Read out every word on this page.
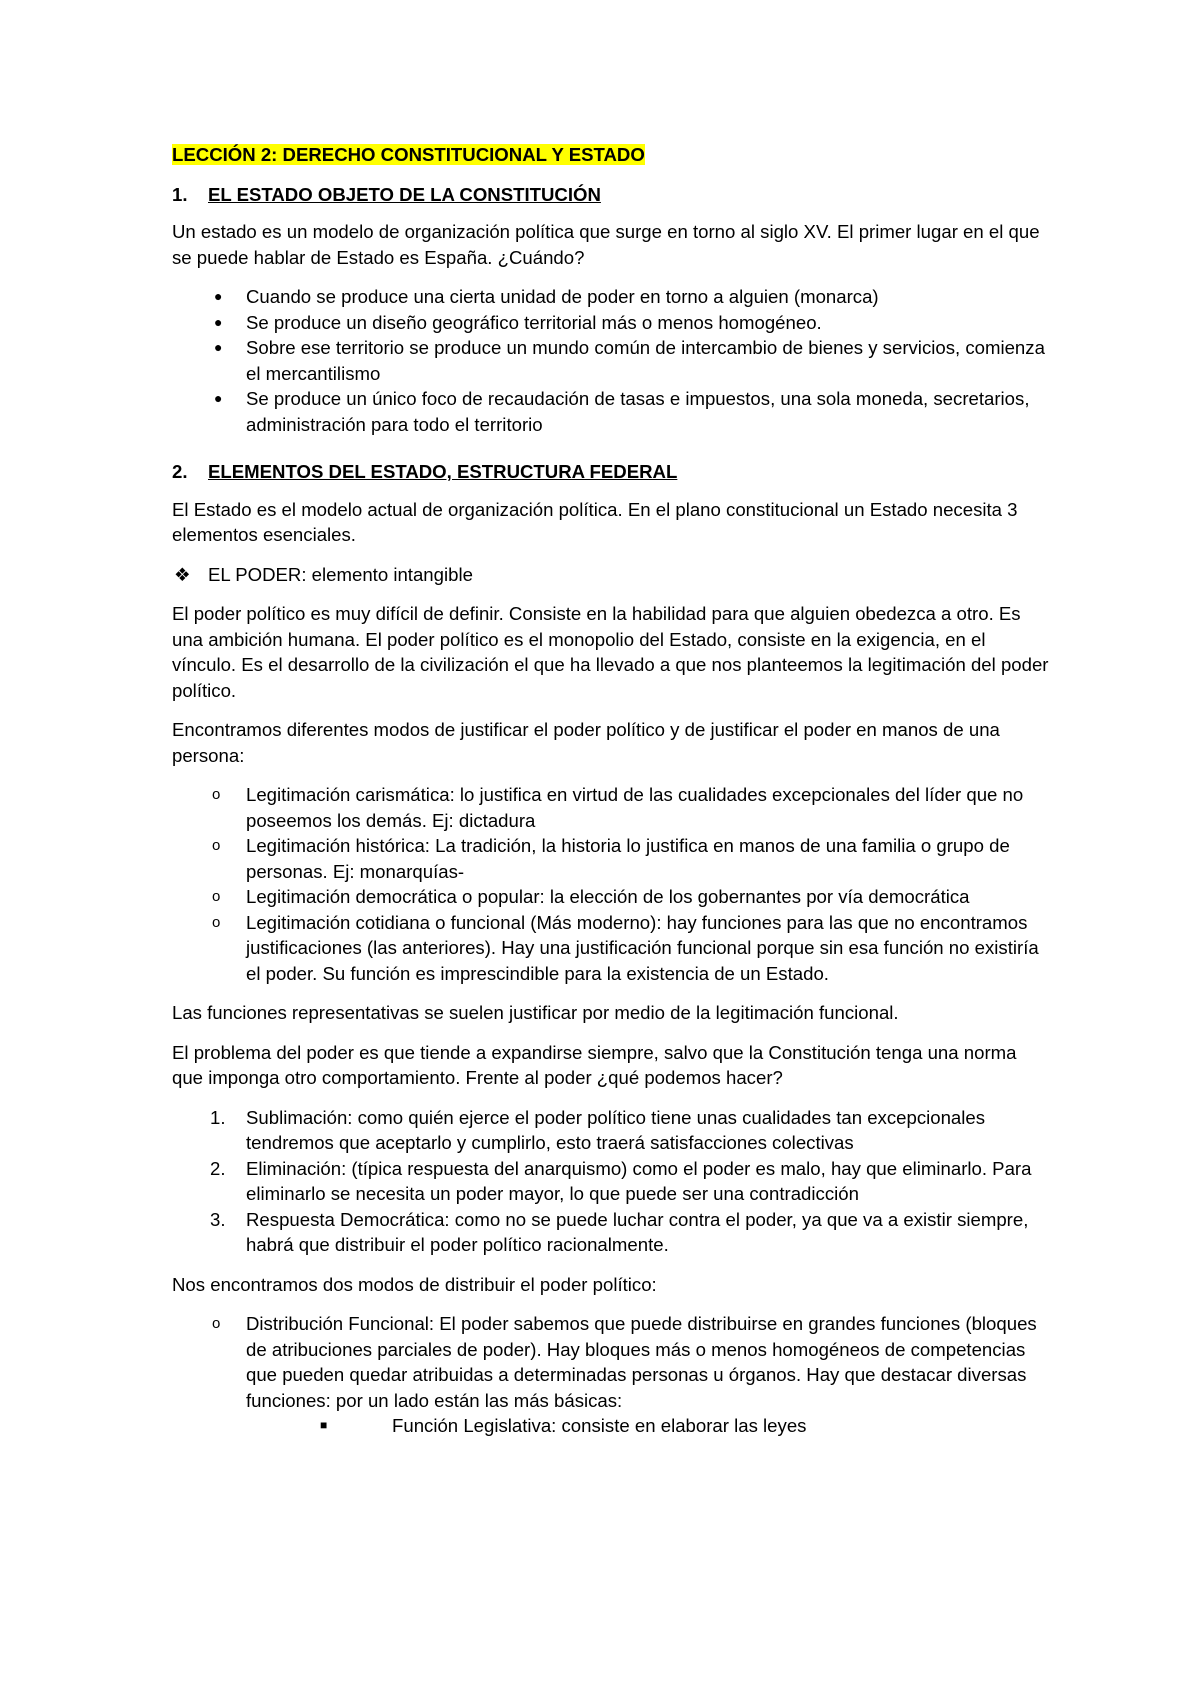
LECCIÓN 2: DERECHO CONSTITUCIONAL Y ESTADO
1.	EL ESTADO OBJETO DE LA CONSTITUCIÓN

Un estado es un modelo de organización política que surge en torno al siglo XV. El primer lugar en el que se puede hablar de Estado es España. ¿Cuándo?

●	Cuando se produce una cierta unidad de poder en torno a alguien (monarca)
●	Se produce un diseño geográfico territorial más o menos homogéneo.
●	Sobre ese territorio se produce un mundo común de intercambio de bienes y servicios, comienza el mercantilismo
●	Se produce un único foco de recaudación de tasas e impuestos, una sola moneda, secretarios, administración para todo el territorio
2.	ELEMENTOS DEL ESTADO, ESTRUCTURA FEDERAL

El Estado es el modelo actual de organización política. En el plano constitucional un Estado necesita 3 elementos esenciales.

❖ EL PODER: elemento intangible

El poder político es muy difícil de definir. Consiste en la habilidad para que alguien obedezca a otro. Es una ambición humana. El poder político es el monopolio del Estado, consiste en la exigencia, en el vínculo. Es el desarrollo de la civilización el que ha llevado a que nos planteemos la legitimación del poder político.

Encontramos diferentes modos de justificar el poder político y de justificar el poder en manos de una persona:

o	Legitimación carismática: lo justifica en virtud de las cualidades excepcionales del líder que no poseemos los demás. Ej: dictadura
o	Legitimación histórica: La tradición, la historia lo justifica en manos de una familia o grupo de personas. Ej: monarquías-
o	Legitimación democrática o popular: la elección de los gobernantes por vía democrática
o	Legitimación cotidiana o funcional (Más moderno): hay funciones para las que no encontramos justificaciones (las anteriores). Hay una justificación funcional porque sin esa función no existiría el poder. Su función es imprescindible para la existencia de un Estado.

Las funciones representativas se suelen justificar por medio de la legitimación funcional.

El problema del poder es que tiende a expandirse siempre, salvo que la Constitución tenga una norma que imponga otro comportamiento. Frente al poder ¿qué podemos hacer?

1.	Sublimación: como quién ejerce el poder político tiene unas cualidades tan excepcionales tendremos que aceptarlo y cumplirlo, esto traerá satisfacciones colectivas
2.	Eliminación: (típica respuesta del anarquismo) como el poder es malo, hay que eliminarlo. Para eliminarlo se necesita un poder mayor, lo que puede ser una contradicción
3.	Respuesta Democrática: como no se puede luchar contra el poder, ya que va a existir siempre, habrá que distribuir el poder político racionalmente.

Nos encontramos dos modos de distribuir el poder político:

o	Distribución Funcional: El poder sabemos que puede distribuirse en grandes funciones (bloques de atribuciones parciales de poder). Hay bloques más o menos homogéneos de competencias que pueden quedar atribuidas a determinadas personas u órganos. Hay que destacar diversas funciones: por un lado están las más básicas:
■	Función Legislativa: consiste en elaborar las leyes
